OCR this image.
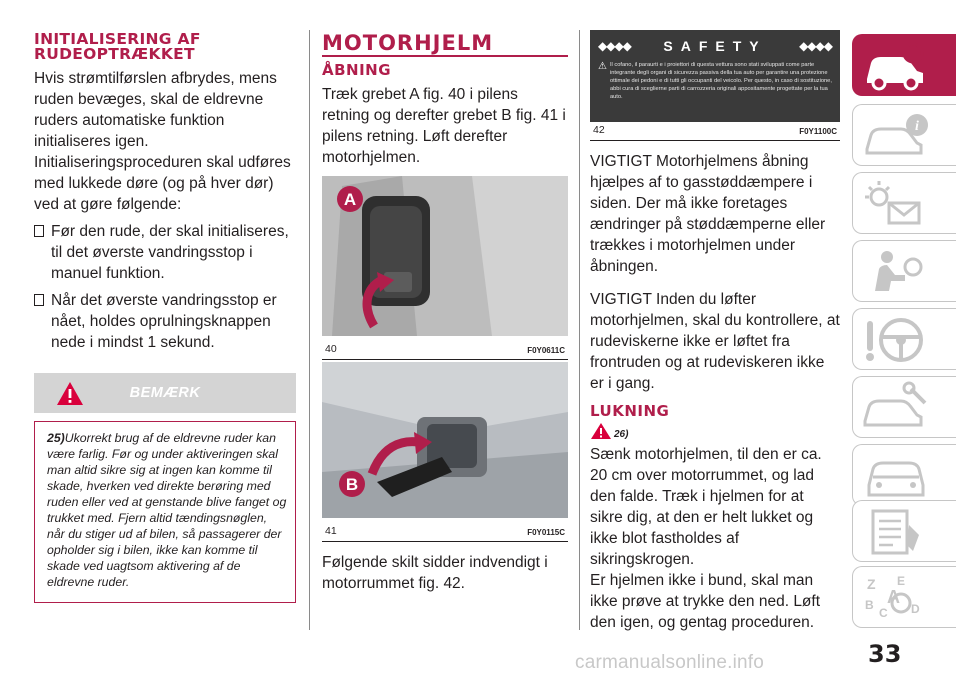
INITIALISERING AF RUDEOPTRÆKKET

Hvis strømtilførslen afbrydes, mens ruden bevæges, skal de eldrevne ruders automatiske funktion initialiseres igen. Initialiseringsproceduren skal udføres med lukkede døre (og på hver dør) ved at gøre følgende:

Før den rude, der skal initialiseres, til det øverste vandringsstop i manuel funktion.
Når det øverste vandringsstop er nået, holdes oprulningsknappen nede i mindst 1 sekund.
BEMÆRK
25)Ukorrekt brug af de eldrevne ruder kan være farlig. Før og under aktiveringen skal man altid sikre sig at ingen kan komme til skade, hverken ved direkte berøring med ruden eller ved at genstande blive fanget og trukket med. Fjern altid tændingsnøglen, når du stiger ud af bilen, så passagerer der opholder sig i bilen, ikke kan komme til skade ved uagtsom aktivering af de eldrevne ruder.
MOTORHJELM
ÅBNING

Træk grebet A fig. 40 i pilens retning og derefter grebet B fig. 41 i pilens retning. Løft derefter motorhjelmen.

A
40	F0Y0611C
B
41	F0Y0115C

Følgende skilt sidder indvendigt i motorrummet fig. 42.

◆◆◆◆ SAFETY	◆◆◆◆
⚠ Il cofano, il paraurti e i proiettori di questa vettura sono stati sviluppati come parte integrante degli organi di sicurezza passiva della tua auto per garantire una protezione ottimale dei pedoni e di tutti gli occupanti del veicolo. Per questo, in caso di sostituzione, abbi cura di sceglierne parti di carrozzeria originali appositamente progettate per la tua auto.
42	F0Y1100C

VIGTIGT Motorhjelmens åbning hjælpes af to gasstøddæmpere i siden. Der må ikke foretages ændringer på støddæmperne eller trækkes i motorhjelmen under åbningen.

VIGTIGT Inden du løfter motorhjelmen, skal du kontrollere, at rudeviskerne ikke er løftet fra frontruden og at rudeviskeren ikke er i gang.

LUKNING
26)

Sænk motorhjelmen, til den er ca. 20 cm over motorrummet, og lad den falde. Træk i hjelmen for at sikre dig, at den er helt lukket og ikke blot fastholdes af sikringskrogen.

Er hjelmen ikke i bund, skal man ikke prøve at trykke den ned. Løft den igen, og gentag proceduren.

i
Z E
B A
C D
33
carmanualsonline.info
